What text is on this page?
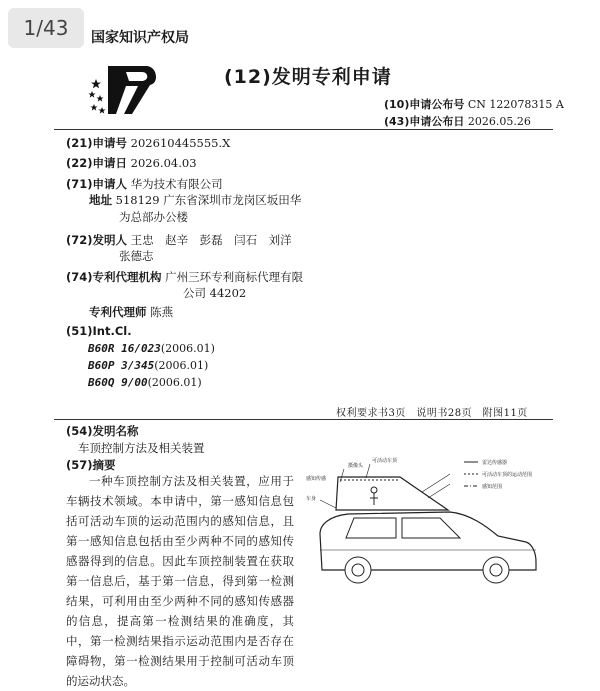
1/43	国家知识产权局
(12)发明专利申请
(10)申请公布号 CN 122078315 A
(43)申请公布日 2026.05.26
(21)申请号 202610445555.X
(22)申请日 2026.04.03
(71)申请人 华为技术有限公司
地址 518129 广东省深圳市龙岗区坂田华
为总部办公楼
(72)发明人 王忠　赵辛　彭磊　闫石　刘洋
张德志
(74)专利代理机构 广州三环专利商标代理有限
公司 44202
专利代理师 陈燕
(51)Int.Cl.
B60R 16/023(2006.01)
B60P 3/345(2006.01)
B60Q 9/00(2006.01)
权利要求书3页　说明书28页　附图11页
(54)发明名称
车顶控制方法及相关装置
(57)摘要
一种车顶控制方法及相关装置，应用于车辆技术领域。本申请中，第一感知信息包括可活动车顶的运动范围内的感知信息，且第一感知信息包括由至少两种不同的感知传感器得到的信息。因此车顶控制装置在获取第一信息后，基于第一信息，得到第一检测结果，可利用由至少两种不同的感知传感器的信息，提高第一检测结果的准确度，其中，第一检测结果指示运动范围内是否存在障碍物，第一检测结果用于控制可活动车顶的运动状态。
可活动车顶
摄像头
感知传感
车身
雷达传感器
可活动车顶的运动范围
感知范围
